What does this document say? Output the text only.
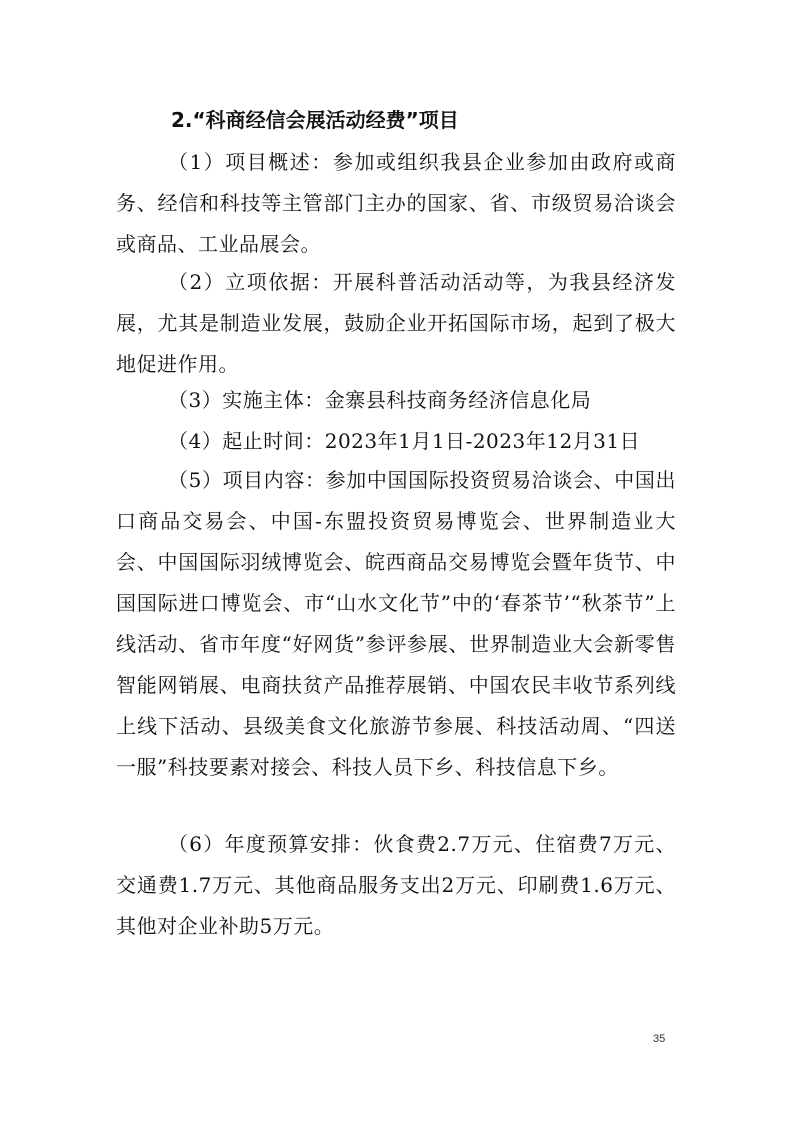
2.“科商经信会展活动经费”项目

（1）项目概述：参加或组织我县企业参加由政府或商务、经信和科技等主管部门主办的国家、省、市级贸易洽谈会或商品、工业品展会。

（2）立项依据：开展科普活动活动等，为我县经济发展，尤其是制造业发展，鼓励企业开拓国际市场，起到了极大地促进作用。

（3）实施主体：金寨县科技商务经济信息化局

（4）起止时间：2023年1月1日-2023年12月31日

（5）项目内容：参加中国国际投资贸易洽谈会、中国出口商品交易会、中国-东盟投资贸易博览会、世界制造业大会、中国国际羽绒博览会、皖西商品交易博览会暨年货节、中国国际进口博览会、市“山水文化节”中的‘春茶节’“秋茶节”上线活动、省市年度“好网货”参评参展、世界制造业大会新零售智能网销展、电商扶贫产品推荐展销、中国农民丰收节系列线上线下活动、县级美食文化旅游节参展、科技活动周、“四送一服”科技要素对接会、科技人员下乡、科技信息下乡。

（6）年度预算安排：伙食费2.7万元、住宿费7万元、交通费1.7万元、其他商品服务支出2万元、印刷费1.6万元、其他对企业补助5万元。

35
